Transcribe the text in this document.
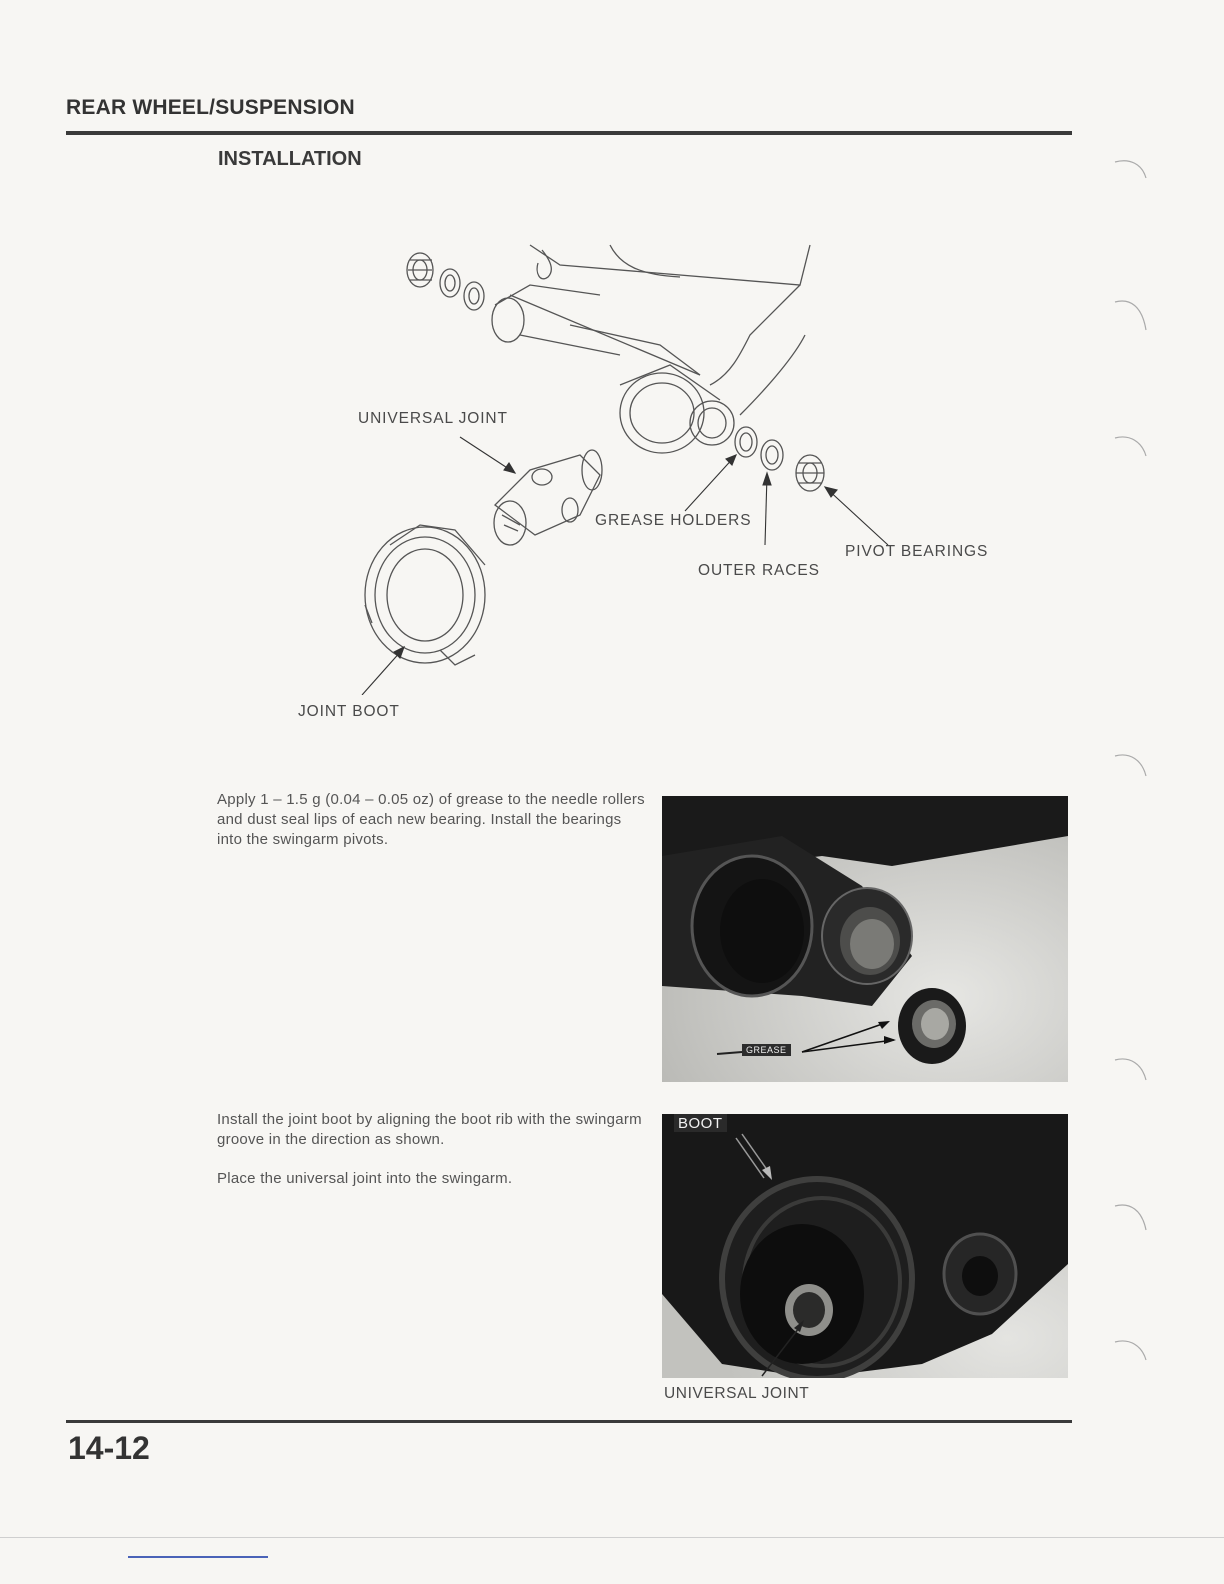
REAR WHEEL/SUSPENSION
INSTALLATION
UNIVERSAL JOINT
GREASE HOLDERS
OUTER RACES
PIVOT BEARINGS
JOINT BOOT
Apply 1 – 1.5 g (0.04 – 0.05 oz) of grease to the needle rollers and dust seal lips of each new bearing. Install the bearings into the swingarm pivots.
GREASE
Install the joint boot by aligning the boot rib with the swingarm groove in the direction as shown.
Place the universal joint into the swingarm.
BOOT
UNIVERSAL JOINT
14-12
